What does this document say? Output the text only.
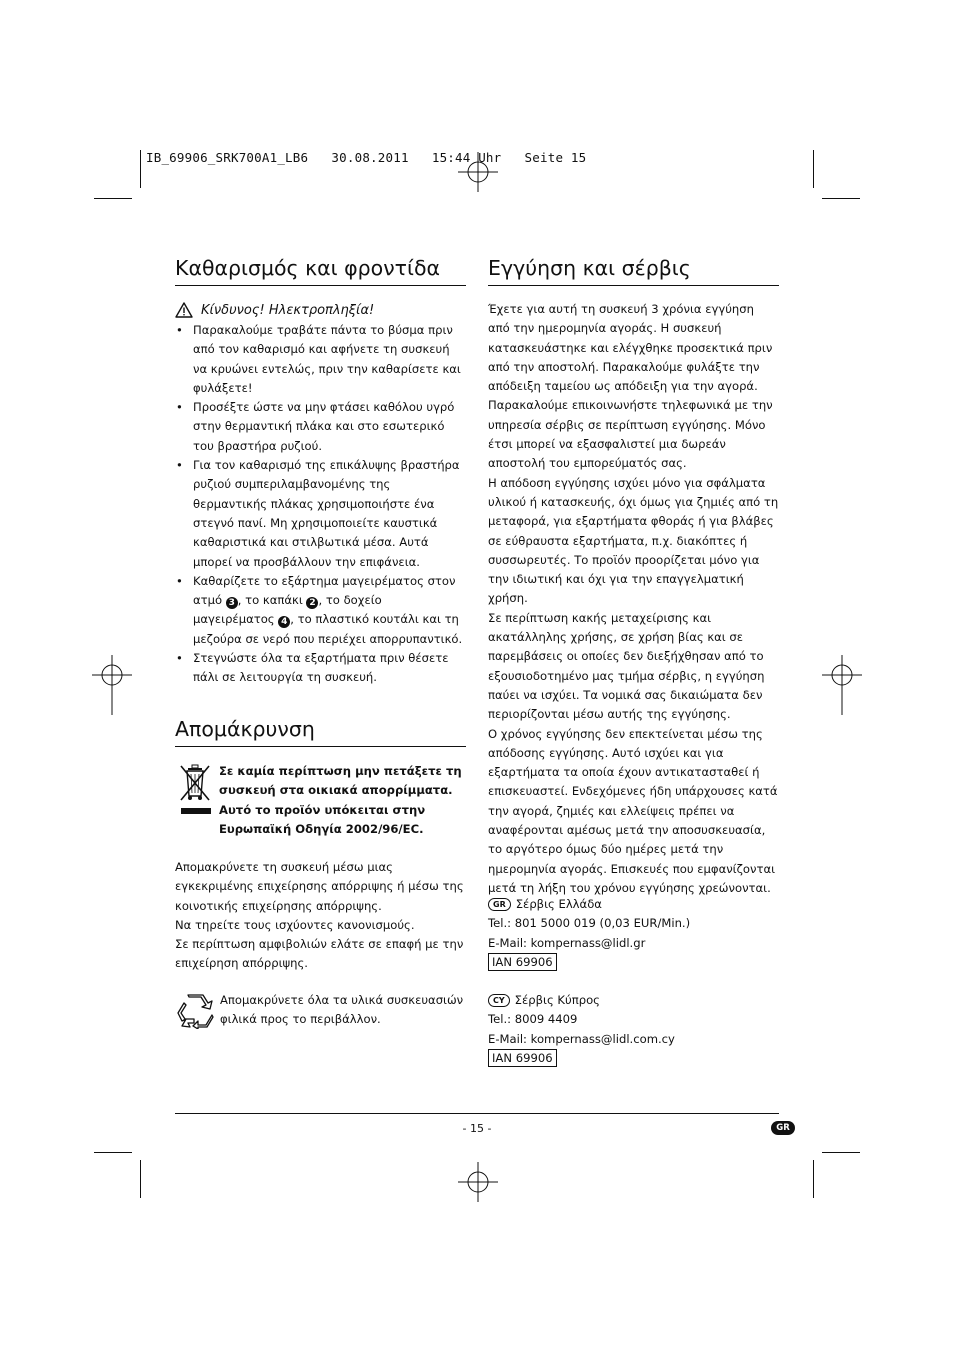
IB_69906_SRK700A1_LB6   30.08.2011   15:44 Uhr   Seite 15
Καθαρισμός και φροντίδα
Κίνδυνος! Ηλεκτροπληξία!
• Παρακαλούμε τραβάτε πάντα το βύσμα πριν από τον καθαρισμό και αφήνετε τη συσκευή να κρυώνει εντελώς, πριν την καθαρίσετε και φυλάξετε!
• Προσέξτε ώστε να μην φτάσει καθόλου υγρό στην θερμαντική πλάκα και στο εσωτερικό του βραστήρα ρυζιού.
• Για τον καθαρισμό της επικάλυψης βραστήρα ρυζιού συμπεριλαμβανομένης της θερμαντικής πλάκας χρησιμοποιήστε ένα στεγνό πανί. Μη χρησιμοποιείτε καυστικά καθαριστικά και στιλβωτικά μέσα. Αυτά μπορεί να προσβάλλουν την επιφάνεια.
• Καθαρίζετε το εξάρτημα μαγειρέματος στον ατμό 3 , το καπάκι 2 , το δοχείο μαγειρέματος 4 , το πλαστικό κουτάλι και τη μεζούρα σε νερό που περιέχει απορρυπαντικό.
• Στεγνώστε όλα τα εξαρτήματα πριν θέσετε πάλι σε λειτουργία τη συσκευή.
Απομάκρυνση
Σε καμία περίπτωση μην πετάξετε τη συσκευή στα οικιακά απορρίμματα. Αυτό το προϊόν υπόκειται στην Ευρωπαϊκή Οδηγία 2002/96/EC.

Απομακρύνετε τη συσκευή μέσω μιας εγκεκριμένης επιχείρησης απόρριψης ή μέσω της κοινοτικής επιχείρησης απόρριψης.

Να τηρείτε τους ισχύοντες κανονισμούς.

Σε περίπτωση αμφιβολιών ελάτε σε επαφή με την επιχείρηση απόρριψης.

Απομακρύνετε όλα τα υλικά συσκευασιών φιλικά προς το περιβάλλον.
Εγγύηση και σέρβις

Έχετε για αυτή τη συσκευή 3 χρόνια εγγύηση από την ημερομηνία αγοράς. Η συσκευή κατασκευάστηκε και ελέγχθηκε προσεκτικά πριν από την αποστολή. Παρακαλούμε φυλάξτε την απόδειξη ταμείου ως απόδειξη για την αγορά. Παρακαλούμε επικοινωνήστε τηλεφωνικά με την υπηρεσία σέρβις σε περίπτωση εγγύησης. Μόνο έτσι μπορεί να εξασφαλιστεί μια δωρεάν αποστολή του εμπορεύματός σας.

Η απόδοση εγγύησης ισχύει μόνο για σφάλματα υλικού ή κατασκευής, όχι όμως για ζημιές από τη μεταφορά, για εξαρτήματα φθοράς ή για βλάβες σε εύθραυστα εξαρτήματα, π.χ. διακόπτες ή συσσωρευτές. Το προϊόν προορίζεται μόνο για την ιδιωτική και όχι για την επαγγελματική χρήση.

Σε περίπτωση κακής μεταχείρισης και ακατάλληλης χρήσης, σε χρήση βίας και σε παρεμβάσεις οι οποίες δεν διεξήχθησαν από το εξουσιοδοτημένο μας τμήμα σέρβις, η εγγύηση παύει να ισχύει. Τα νομικά σας δικαιώματα δεν περιορίζονται μέσω αυτής της εγγύησης.

Ο χρόνος εγγύησης δεν επεκτείνεται μέσω της απόδοσης εγγύησης. Αυτό ισχύει και για εξαρτήματα τα οποία έχουν αντικατασταθεί ή επισκευαστεί. Ενδεχόμενες ήδη υπάρχουσες κατά την αγορά, ζημιές και ελλείψεις πρέπει να αναφέρονται αμέσως μετά την αποσυσκευασία, το αργότερο όμως δύο ημέρες μετά την ημερομηνία αγοράς. Επισκευές που εμφανίζονται μετά τη λήξη του χρόνου εγγύησης χρεώνονται.

GR Σέρβις Ελλάδα
Tel.: 801 5000 019 (0,03 EUR/Min.)
E-Mail: kompernass@lidl.gr
IAN 69906
CY Σέρβις Κύπρος
Tel.: 8009 4409
E-Mail: kompernass@lidl.com.cy
IAN 69906
- 15 -	GR
